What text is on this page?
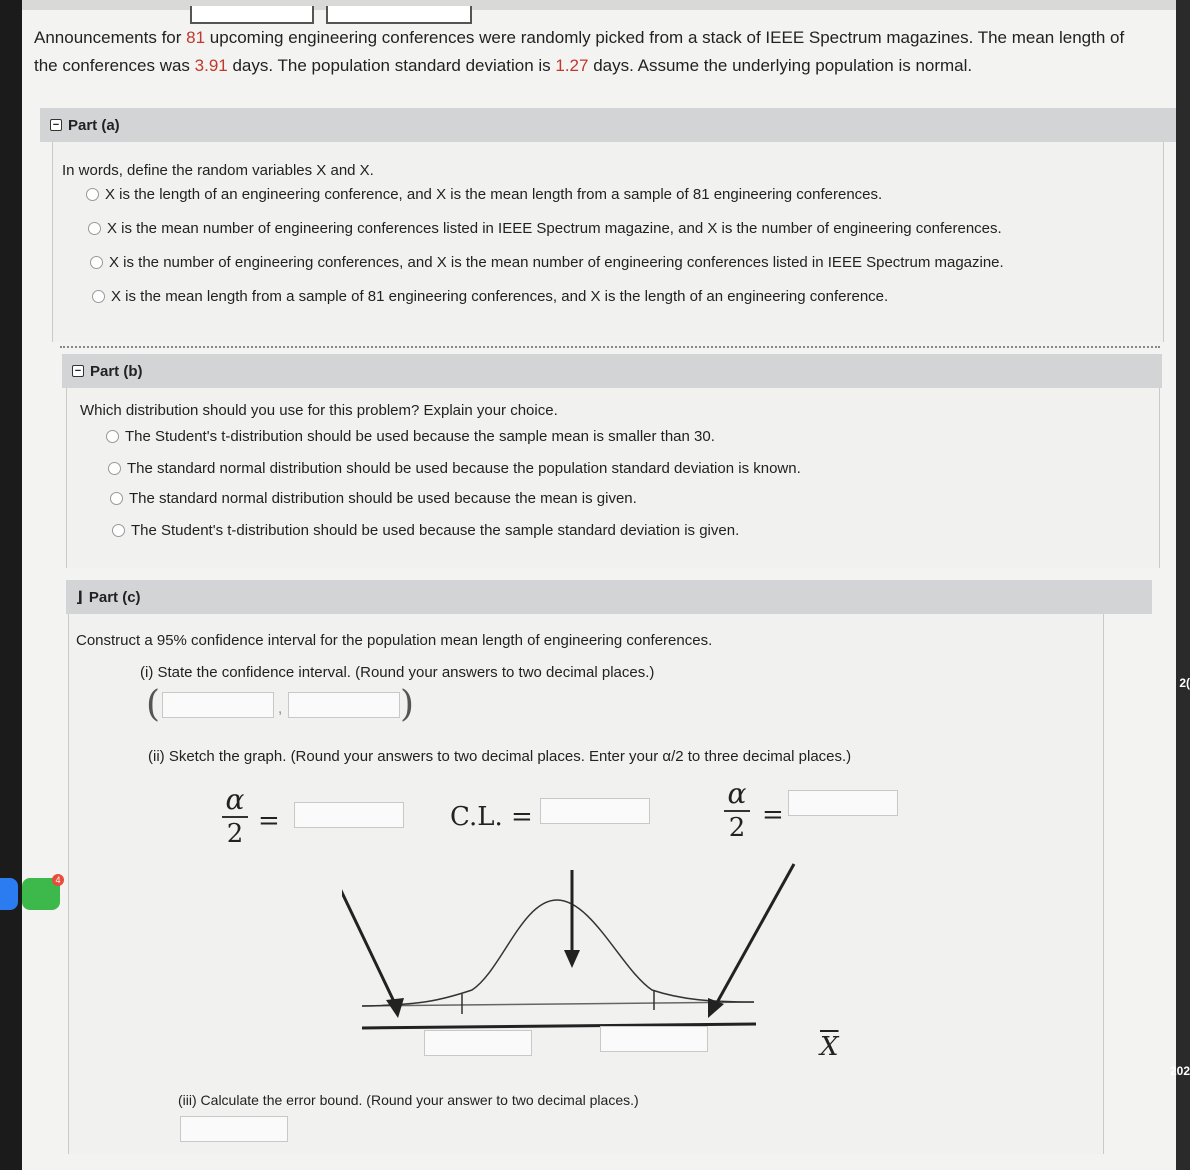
Announcements for 81 upcoming engineering conferences were randomly picked from a stack of IEEE Spectrum magazines. The mean length of the conferences was 3.91 days. The population standard deviation is 1.27 days. Assume the underlying population is normal.
− Part (a)
In words, define the random variables X and X.
X is the length of an engineering conference, and X is the mean length from a sample of 81 engineering conferences.
X is the mean number of engineering conferences listed in IEEE Spectrum magazine, and X is the number of engineering conferences.
X is the number of engineering conferences, and X is the mean number of engineering conferences listed in IEEE Spectrum magazine.
X is the mean length from a sample of 81 engineering conferences, and X is the length of an engineering conference.
− Part (b)
Which distribution should you use for this problem? Explain your choice.
The Student's t-distribution should be used because the sample mean is smaller than 30.
The standard normal distribution should be used because the population standard deviation is known.
The standard normal distribution should be used because the mean is given.
The Student's t-distribution should be used because the sample standard deviation is given.
⌋ Part (c)
Construct a 95% confidence interval for the population mean length of engineering conferences.
(i) State the confidence interval. (Round your answers to two decimal places.)
(	,	)
(ii) Sketch the graph. (Round your answers to two decimal places. Enter your α/2 to three decimal places.)
α
2 =	C.L. =
α
2 =
$\overline{X}$
(iii) Calculate the error bound. (Round your answer to two decimal places.)
4
2(
202
